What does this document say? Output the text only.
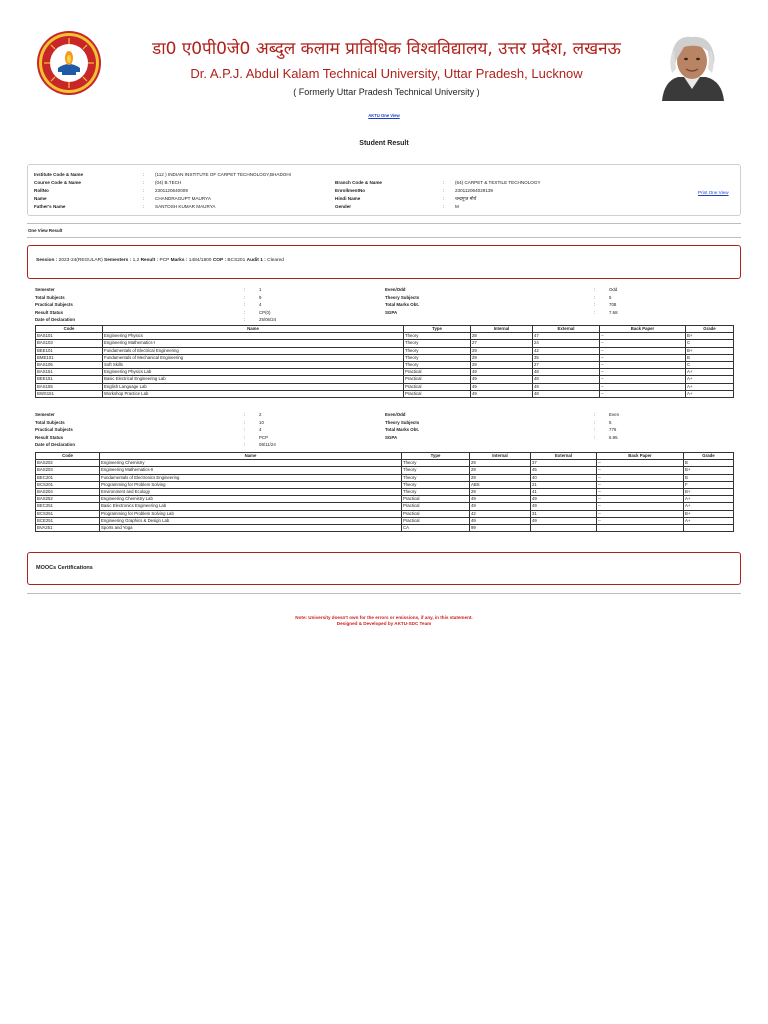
डा0 ए0पी0जे0 अब्दुल कलाम प्राविधिक विश्वविद्यालय, उत्तर प्रदेश, लखनऊ
Dr. A.P.J. Abdul Kalam Technical University, Uttar Pradesh, Lucknow
( Formerly Uttar Pradesh Technical University )
AKTU One View
Student Result
Institute Code & Name	: (112 ) INDIAN INSTITUTE OF CARPET TECHNOLOGY,BHADOHI
Course Code & Name	: (04) B.TECH	Branch Code & Name	: (64) CARPET & TEXTILE TECHNOLOGY
RollNo	: 2301120640009	EnrollmentNo	: 230112064029139
Name	: CHANDRAGUPT MAURYA	Hindi Name	: चन्द्रगुप्त मौर्य
Father's Name	: SANTOSH KUMAR MAURYA	Gender	: M
Print One View
One View Result
Session : 2023-24(REGULAR) Semesters : 1,2 Result : PCP Marks : 1484/1800 COP : BCS201 Audit 1 : Cleared
Semester	:	1
Total Subjects	:	9
Practical Subjects	:	4
Result Status	:	CP(0)
Date of Declaration	:	25/06/24
Even/Odd	:	Odd
Theory Subjects	:	5
Total Marks Obt.	:	708
SGPA	:	7.68
Code	Name	Type	Internal	External	Back Paper	Grade
BAS101	Engineering Physics	Theory	28	47	--	B+
BAS103	Engineering Mathematics-I	Theory	27	24	--	C
BEE101	Fundamentals of Electrical Engineering	Theory	29	42	--	B+
BME101	Fundamentals of Mechanical Engineering	Theory	29	35	--	B
BAS105	Soft Skills	Theory	29	27	--	C
BAS151	Engineering Physics Lab	Practical	49	48	--	A+
BEE151	Basic Electrical Engineering Lab	Practical	49	48	--	A+
BAS155	English Language Lab	Practical	49	49	--	A+
BWS151	Workshop Practice Lab	Practical	49	48	--	A+
Semester	:	2
Total Subjects	:	10
Practical Subjects	:	4
Result Status	:	PCP
Date of Declaration	:	08/11/24
Even/Odd	:	Even
Theory Subjects	:	5
Total Marks Obt.	:	776
SGPA	:	6.95
Code	Name	Type	Internal	External	Back Paper	Grade
BAS202	Engineering Chemistry	Theory	29	37	--	B
BAS203	Engineering Mathematics-II	Theory	29	45	--	B+
BEC201	Fundamentals of Electronics Engineering	Theory	29	40	--	B
BCS201	Programming for Problem Solving	Theory	ABS	21	--	F
BAS204	Environment and Ecology	Theory	29	41	--	B+
BAS252	Engineering Chemistry Lab	Practical	49	49	--	A+
BEC251	Basic Electronics Engineering Lab	Practical	49	49	--	A+
BCS251	Programming for Problem Solving Lab	Practical	42	31	--	B+
BCE251	Engineering Graphics & Design Lab	Practical	49	49	--	A+
BVA251	Sports and Yoga	CA	99			
MOOCs Certifications
Note: University doesn't own for the errors or emissions, if any, in this statement.
Designed & Developed by AKTU-SDC Team
